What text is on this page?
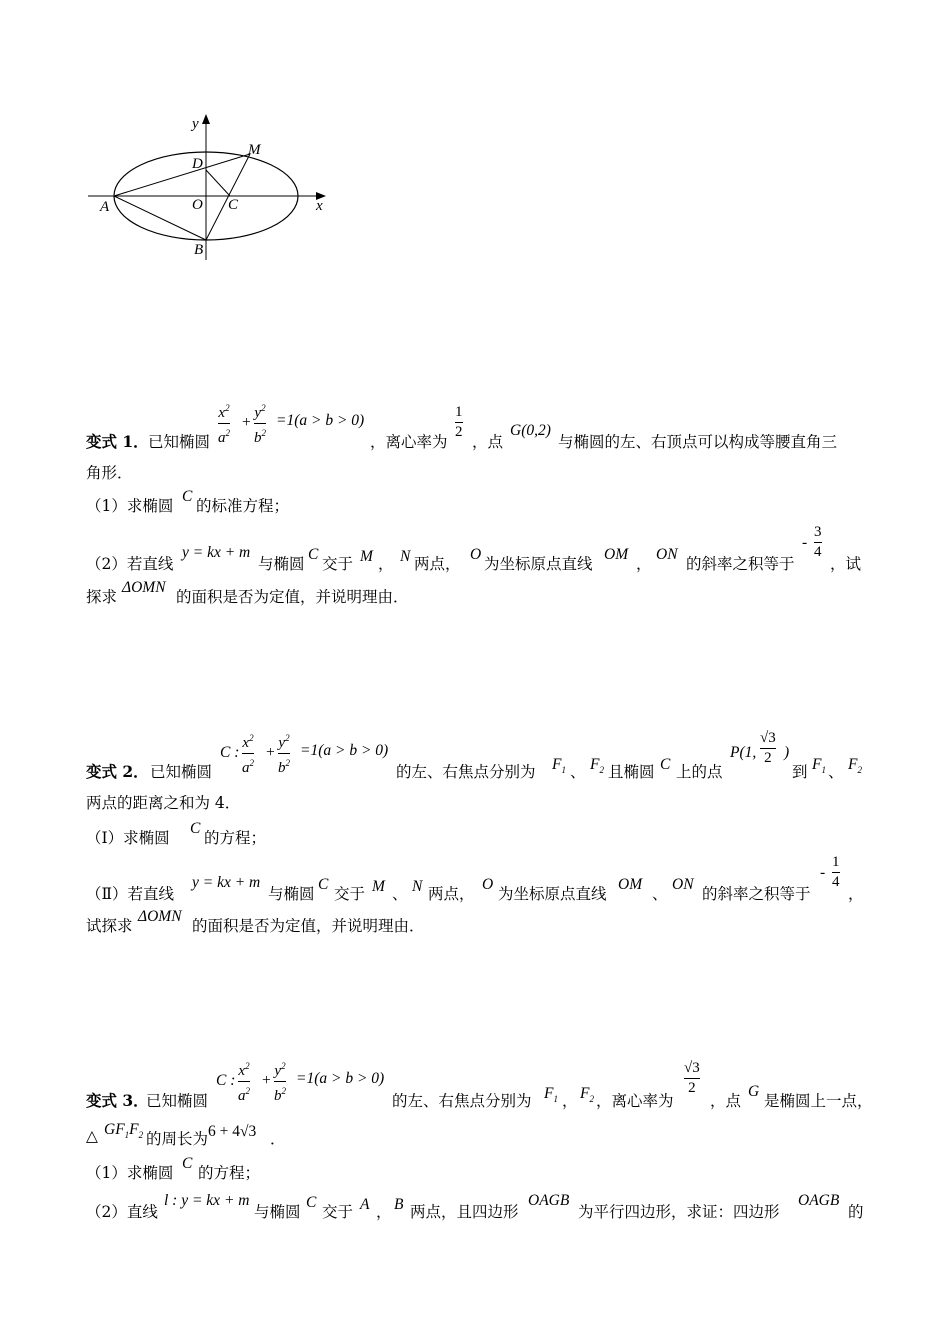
y
x
D
M
A	O C
B
变式 1． 已知椭圆
$x^2$
$a^2$
+
$y^2$
$b^2$
=1(a > b > 0)
，离心率为
1
2
，点
G(0,2)
与椭圆的左、右顶点可以构成等腰直角三
角形．
（1）求椭圆
C
的标准方程；
（2）若直线
y = kx + m
与椭圆
C
交于 M ， N 两点，
O
为坐标原点直线
OM
，
ON
的斜率之积等于
-
3
4
，试
探求
ΔOMN
的面积是否为定值，并说明理由．
变式 2． 已知椭圆
C :
$x^2$
$a^2$
+
$y^2$
$b^2$
=1(a > b > 0)
的左、右焦点分别为 $F_1$ 、 $F_2$ 且椭圆 C 上的点
P(1,
√3
2 )
到 $F_1$ 、 $F_2$
两点的距离之和为 4．
（Ⅰ）求椭圆
C
的方程；
（Ⅱ）若直线
y = kx + m
与椭圆
C
交于 M 、 N 两点，
O
为坐标原点直线
OM
、
ON
的斜率之积等于
-
1
4
，
试探求
ΔOMN
的面积是否为定值，并说明理由．
变式 3．
已知椭圆
C :
$x^2$
$a^2$
+
$y^2$
$b^2$
=1(a > b > 0)
的左、右焦点分别为 $F_1$ ， $F_2$ ，离心率为
√3
2
，点
G
是椭圆上一点，
△ $GF_1F_2$ 的周长为 6 + 4√3 ．
（1）求椭圆
C
的方程；
（2）直线
l : y = kx + m
与椭圆
C
交于 A ， B 两点，且四边形
OAGB
为平行四边形，求证：四边形
OAGB
的
